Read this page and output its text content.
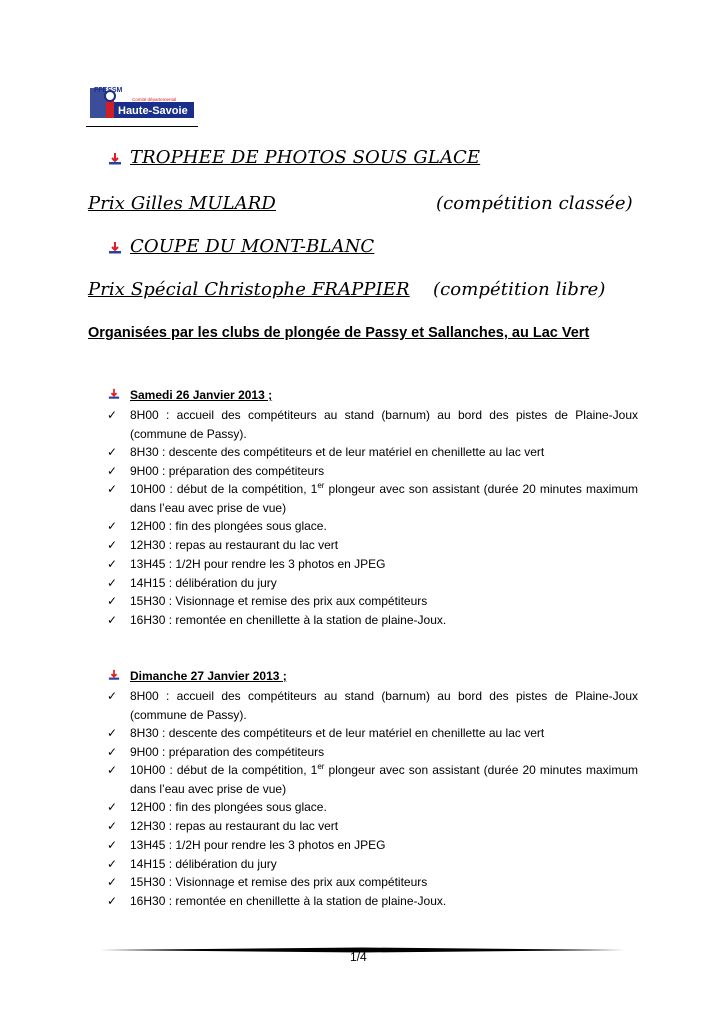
FFESSM
Comité départemental
Haute-Savoie
TROPHEE DE PHOTOS SOUS GLACE
Prix Gilles MULARD	(compétition classée)
COUPE DU MONT-BLANC
Prix Spécial Christophe FRAPPIER (compétition libre)
Organisées par les clubs de plongée de Passy et Sallanches, au Lac Vert
Samedi 26 Janvier 2013 ;
✓ 8H00 : accueil des compétiteurs au stand (barnum) au bord des pistes de Plaine-Joux (commune de Passy).
✓ 8H30 : descente des compétiteurs et de leur matériel en chenillette au lac vert
✓ 9H00 : préparation des compétiteurs
✓ 10H00 : début de la compétition, 1er plongeur avec son assistant (durée 20 minutes maximum dans l’eau avec prise de vue)
✓ 12H00 : fin des plongées sous glace.
✓ 12H30 : repas au restaurant du lac vert
✓ 13H45 : 1/2H pour rendre les 3 photos en JPEG
✓ 14H15 : délibération du jury
✓ 15H30 : Visionnage et remise des prix aux compétiteurs
✓ 16H30 : remontée en chenillette à la station de plaine-Joux.
Dimanche 27 Janvier 2013 ;
✓ 8H00 : accueil des compétiteurs au stand (barnum) au bord des pistes de Plaine-Joux (commune de Passy).
✓ 8H30 : descente des compétiteurs et de leur matériel en chenillette au lac vert
✓ 9H00 : préparation des compétiteurs
✓ 10H00 : début de la compétition, 1er plongeur avec son assistant (durée 20 minutes maximum dans l’eau avec prise de vue)
✓ 12H00 : fin des plongées sous glace.
✓ 12H30 : repas au restaurant du lac vert
✓ 13H45 : 1/2H pour rendre les 3 photos en JPEG
✓ 14H15 : délibération du jury
✓ 15H30 : Visionnage et remise des prix aux compétiteurs
✓ 16H30 : remontée en chenillette à la station de plaine-Joux.
1/4
